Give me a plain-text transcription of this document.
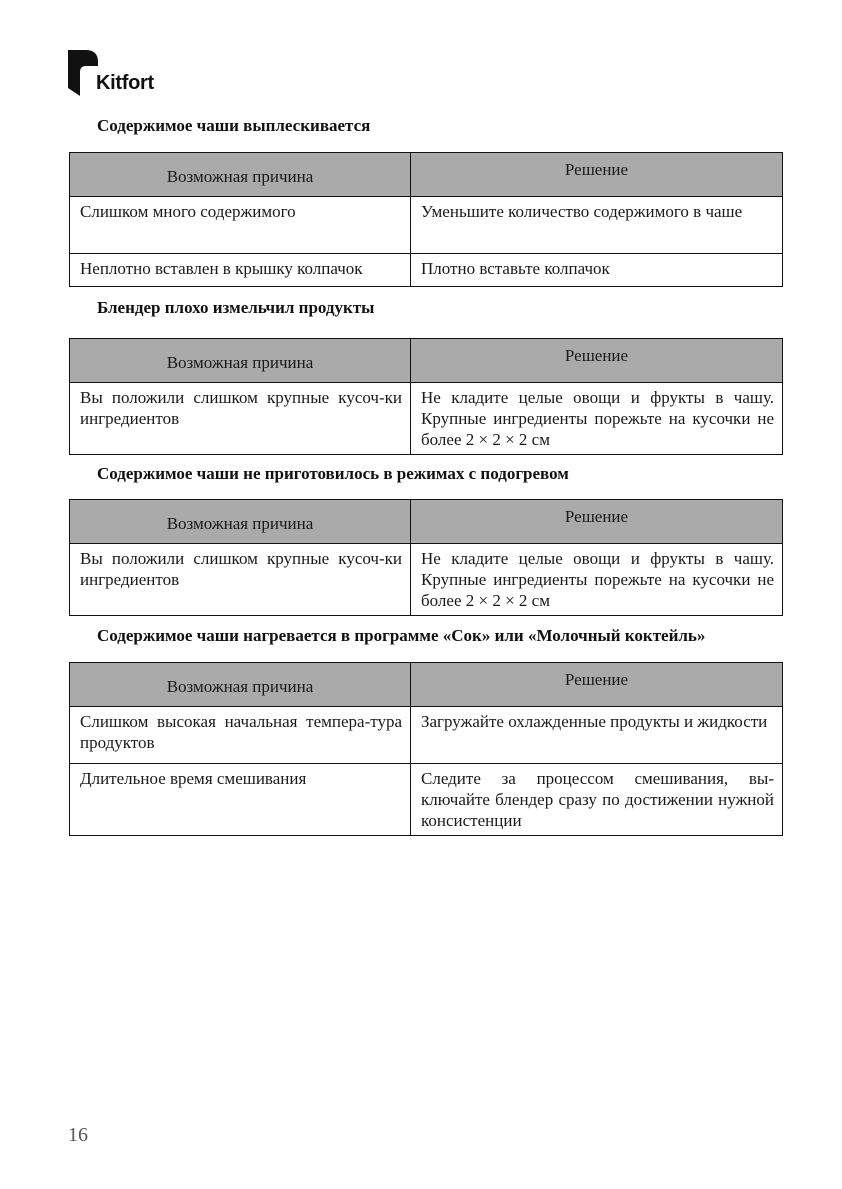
Kitfort
Содержимое чаши выплескивается
Возможная причина	Решение
Слишком много содержимого	Уменьшите количество содержимого в чаше
Неплотно вставлен в крышку колпачок	Плотно вставьте колпачок
Блендер плохо измельчил продукты
Возможная причина	Решение
Вы положили слишком крупные кусоч-ки ингредиентов	Не кладите целые овощи и фрукты в чашу. Крупные ингредиенты порежьте на кусочки не более 2 × 2 × 2 см
Содержимое чаши не приготовилось в режимах с подогревом
Возможная причина	Решение
Вы положили слишком крупные кусоч-ки ингредиентов	Не кладите целые овощи и фрукты в чашу. Крупные ингредиенты порежьте на кусочки не более 2 × 2 × 2 см
Содержимое чаши нагревается в программе «Сок» или «Молочный коктейль»
Возможная причина	Решение
Слишком высокая начальная темпера-тура продуктов	Загружайте охлажденные продукты и жидкости
Длительное время смешивания	Следите за процессом смешивания, вы-ключайте блендер сразу по достижении нужной консистенции
16
